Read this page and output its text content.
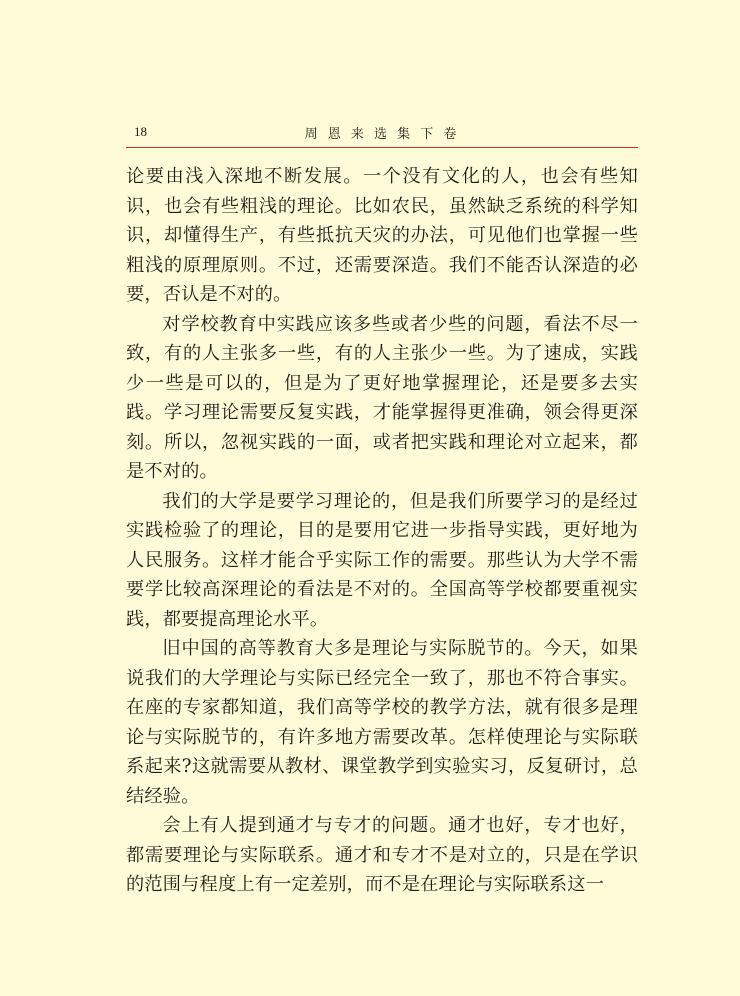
18	周 恩 来 选 集 下 卷

论要由浅入深地不断发展。一个没有文化的人，也会有些知识，也会有些粗浅的理论。比如农民，虽然缺乏系统的科学知识，却懂得生产，有些抵抗天灾的办法，可见他们也掌握一些粗浅的原理原则。不过，还需要深造。我们不能否认深造的必要，否认是不对的。

对学校教育中实践应该多些或者少些的问题，看法不尽一致，有的人主张多一些，有的人主张少一些。为了速成，实践少一些是可以的，但是为了更好地掌握理论，还是要多去实践。学习理论需要反复实践，才能掌握得更准确，领会得更深刻。所以，忽视实践的一面，或者把实践和理论对立起来，都是不对的。

我们的大学是要学习理论的，但是我们所要学习的是经过实践检验了的理论，目的是要用它进一步指导实践，更好地为人民服务。这样才能合乎实际工作的需要。那些认为大学不需要学比较高深理论的看法是不对的。全国高等学校都要重视实践，都要提高理论水平。

旧中国的高等教育大多是理论与实际脱节的。今天，如果说我们的大学理论与实际已经完全一致了，那也不符合事实。在座的专家都知道，我们高等学校的教学方法，就有很多是理论与实际脱节的，有许多地方需要改革。怎样使理论与实际联系起来?这就需要从教材、课堂教学到实验实习，反复研讨，总结经验。

会上有人提到通才与专才的问题。通才也好，专才也好，都需要理论与实际联系。通才和专才不是对立的，只是在学识的范围与程度上有一定差别，而不是在理论与实际联系这一
